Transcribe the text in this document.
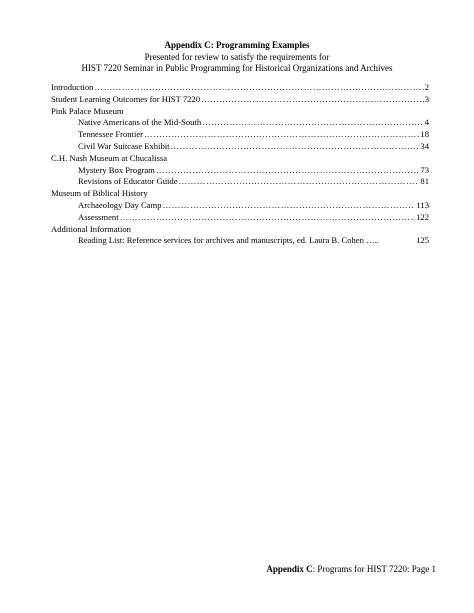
Appendix C: Programming Examples
Presented for review to satisfy the requirements for
HIST 7220 Seminar in Public Programming for Historical Organizations and Archives
Introduction ………………………………………………………………………………………………………………………………………………………………………………………………	2
Student Learning Outcomes for HIST 7220 ………………………………………………………………………………………………………………………………………………………………………………………………	3
Pink Palace Museum
Native Americans of the Mid-South ………………………………………………………………………………………………………………………………………………………………………………………………	4
Tennessee Frontier ………………………………………………………………………………………………………………………………………………………………………………………………	18
Civil War Suitcase Exhibit ………………………………………………………………………………………………………………………………………………………………………………………………	34
C.H. Nash Museum at Chucalissa
Mystery Box Program ………………………………………………………………………………………………………………………………………………………………………………………………	73
Revisions of Educator Guide ………………………………………………………………………………………………………………………………………………………………………………………………	81
Museum of Biblical History
Archaeology Day Camp ………………………………………………………………………………………………………………………………………………………………………………………………	113
Assessment ………………………………………………………………………………………………………………………………………………………………………………………………	122
Additional Information
Reading List: Reference services for archives and manuscripts, ed. Laura B. Cohen …..	125
Appendix C: Programs for HIST 7220: Page 1
